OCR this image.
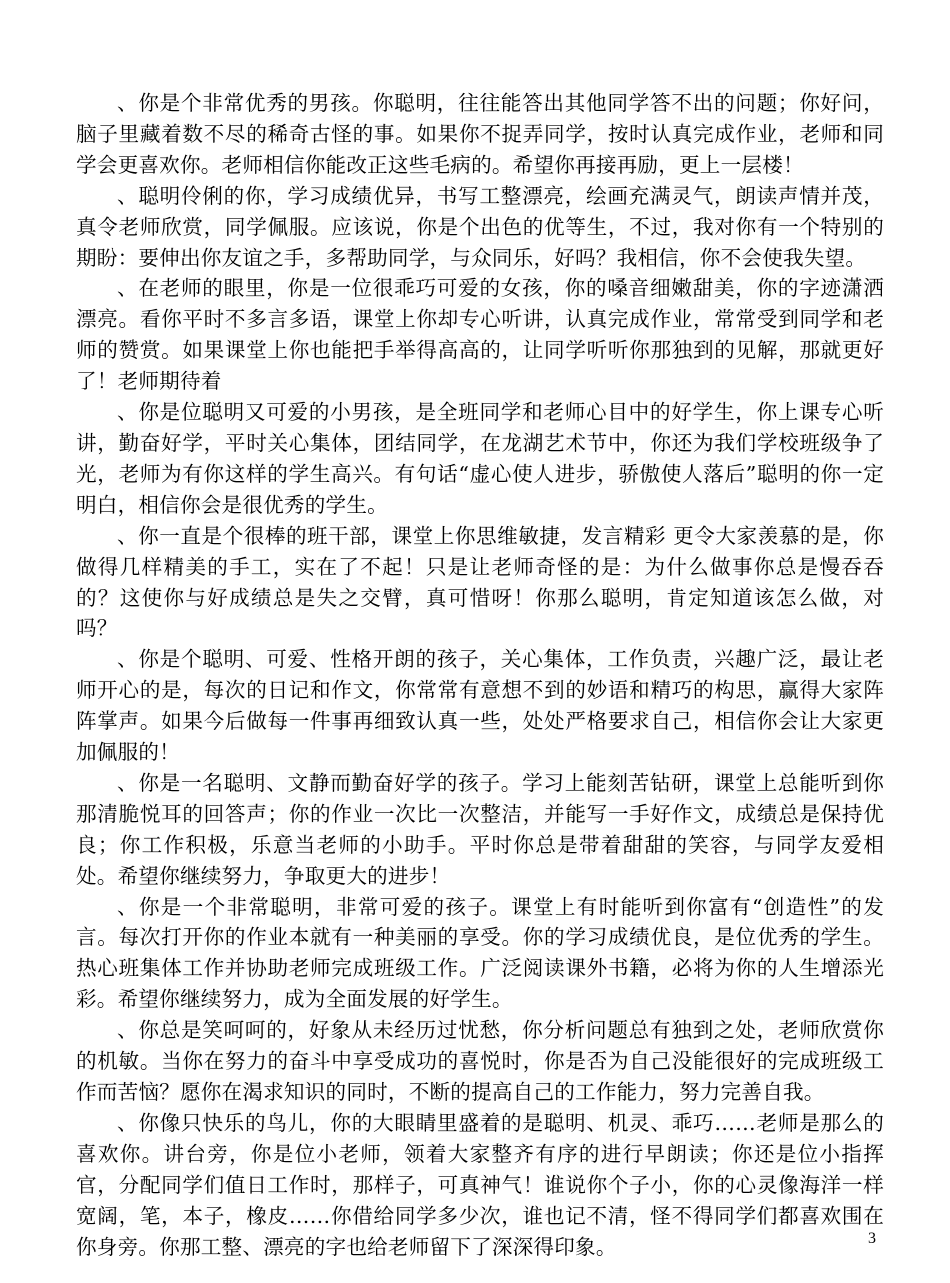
、你是个非常优秀的男孩。你聪明，往往能答出其他同学答不出的问题；你好问，脑子里藏着数不尽的稀奇古怪的事。如果你不捉弄同学，按时认真完成作业，老师和同学会更喜欢你。老师相信你能改正这些毛病的。希望你再接再励，更上一层楼！

、聪明伶俐的你，学习成绩优异，书写工整漂亮，绘画充满灵气，朗读声情并茂，真令老师欣赏，同学佩服。应该说，你是个出色的优等生，不过，我对你有一个特别的期盼：要伸出你友谊之手，多帮助同学，与众同乐，好吗？我相信，你不会使我失望。

、在老师的眼里，你是一位很乖巧可爱的女孩，你的嗓音细嫩甜美，你的字迹潇洒漂亮。看你平时不多言多语，课堂上你却专心听讲，认真完成作业，常常受到同学和老师的赞赏。如果课堂上你也能把手举得高高的，让同学听听你那独到的见解，那就更好了！老师期待着

、你是位聪明又可爱的小男孩，是全班同学和老师心目中的好学生，你上课专心听讲，勤奋好学，平时关心集体，团结同学，在龙湖艺术节中，你还为我们学校班级争了光，老师为有你这样的学生高兴。有句话“虚心使人进步，骄傲使人落后”聪明的你一定明白，相信你会是很优秀的学生。

、你一直是个很棒的班干部，课堂上你思维敏捷，发言精彩 更令大家羡慕的是，你做得几样精美的手工，实在了不起！只是让老师奇怪的是：为什么做事你总是慢吞吞的？这使你与好成绩总是失之交臂，真可惜呀！你那么聪明，肯定知道该怎么做，对吗？

、你是个聪明、可爱、性格开朗的孩子，关心集体，工作负责，兴趣广泛，最让老师开心的是，每次的日记和作文，你常常有意想不到的妙语和精巧的构思，赢得大家阵阵掌声。如果今后做每一件事再细致认真一些，处处严格要求自己，相信你会让大家更加佩服的！

、你是一名聪明、文静而勤奋好学的孩子。学习上能刻苦钻研，课堂上总能听到你那清脆悦耳的回答声；你的作业一次比一次整洁，并能写一手好作文，成绩总是保持优良；你工作积极，乐意当老师的小助手。平时你总是带着甜甜的笑容，与同学友爱相处。希望你继续努力，争取更大的进步！

、你是一个非常聪明，非常可爱的孩子。课堂上有时能听到你富有“创造性”的发言。每次打开你的作业本就有一种美丽的享受。你的学习成绩优良，是位优秀的学生。热心班集体工作并协助老师完成班级工作。广泛阅读课外书籍，必将为你的人生增添光彩。希望你继续努力，成为全面发展的好学生。

、你总是笑呵呵的，好象从未经历过忧愁，你分析问题总有独到之处，老师欣赏你的机敏。当你在努力的奋斗中享受成功的喜悦时，你是否为自己没能很好的完成班级工作而苦恼？愿你在渴求知识的同时，不断的提高自己的工作能力，努力完善自我。

、你像只快乐的鸟儿，你的大眼睛里盛着的是聪明、机灵、乖巧……老师是那么的喜欢你。讲台旁，你是位小老师，领着大家整齐有序的进行早朗读；你还是位小指挥官，分配同学们值日工作时，那样子，可真神气！谁说你个子小，你的心灵像海洋一样宽阔，笔，本子，橡皮……你借给同学多少次，谁也记不清，怪不得同学们都喜欢围在你身旁。你那工整、漂亮的字也给老师留下了深深得印象。	3
